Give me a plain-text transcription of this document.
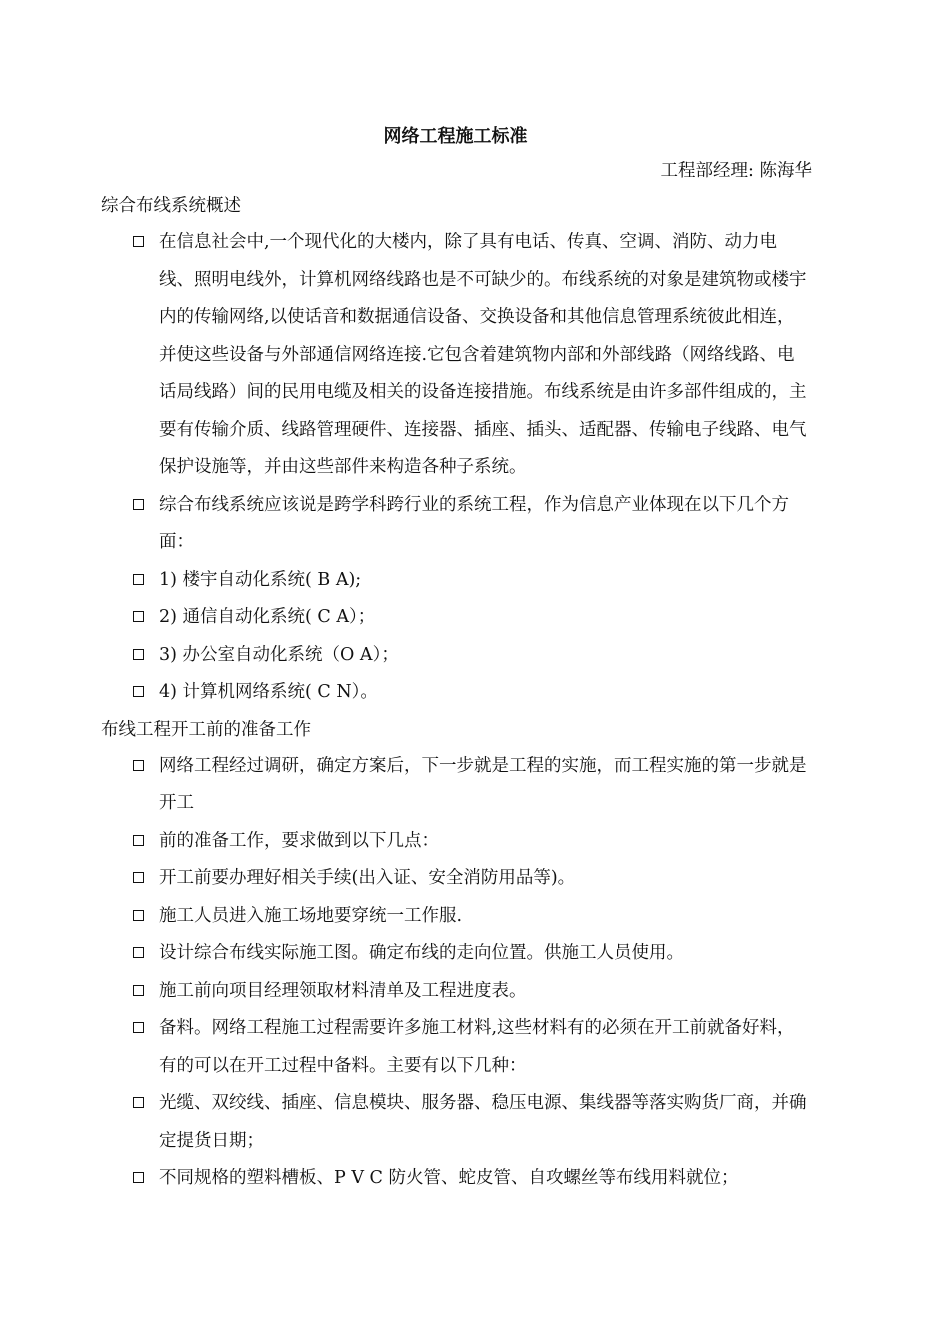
网络工程施工标准
工程部经理: 陈海华
综合布线系统概述
在信息社会中,一个现代化的大楼内，除了具有电话、传真、空调、消防、动力电线、照明电线外，计算机网络线路也是不可缺少的。布线系统的对象是建筑物或楼宇内的传输网络,以使话音和数据通信设备、交换设备和其他信息管理系统彼此相连，并使这些设备与外部通信网络连接.它包含着建筑物内部和外部线路（网络线路、电话局线路）间的民用电缆及相关的设备连接措施。布线系统是由许多部件组成的，主要有传输介质、线路管理硬件、连接器、插座、插头、适配器、传输电子线路、电气保护设施等，并由这些部件来构造各种子系统。
综合布线系统应该说是跨学科跨行业的系统工程，作为信息产业体现在以下几个方面：
1) 楼宇自动化系统( B A);
2) 通信自动化系统( C A）；
3) 办公室自动化系统（O A）；
4) 计算机网络系统( C N）。
布线工程开工前的准备工作
网络工程经过调研，确定方案后，下一步就是工程的实施，而工程实施的第一步就是开工
前的准备工作，要求做到以下几点：
开工前要办理好相关手续(出入证、安全消防用品等)。
施工人员进入施工场地要穿统一工作服.
设计综合布线实际施工图。确定布线的走向位置。供施工人员使用。
施工前向项目经理领取材料清单及工程进度表。
备料。网络工程施工过程需要许多施工材料,这些材料有的必须在开工前就备好料，有的可以在开工过程中备料。主要有以下几种：
光缆、双绞线、插座、信息模块、服务器、稳压电源、集线器等落实购货厂商，并确定提货日期；
不同规格的塑料槽板、P V C 防火管、蛇皮管、自攻螺丝等布线用料就位；
